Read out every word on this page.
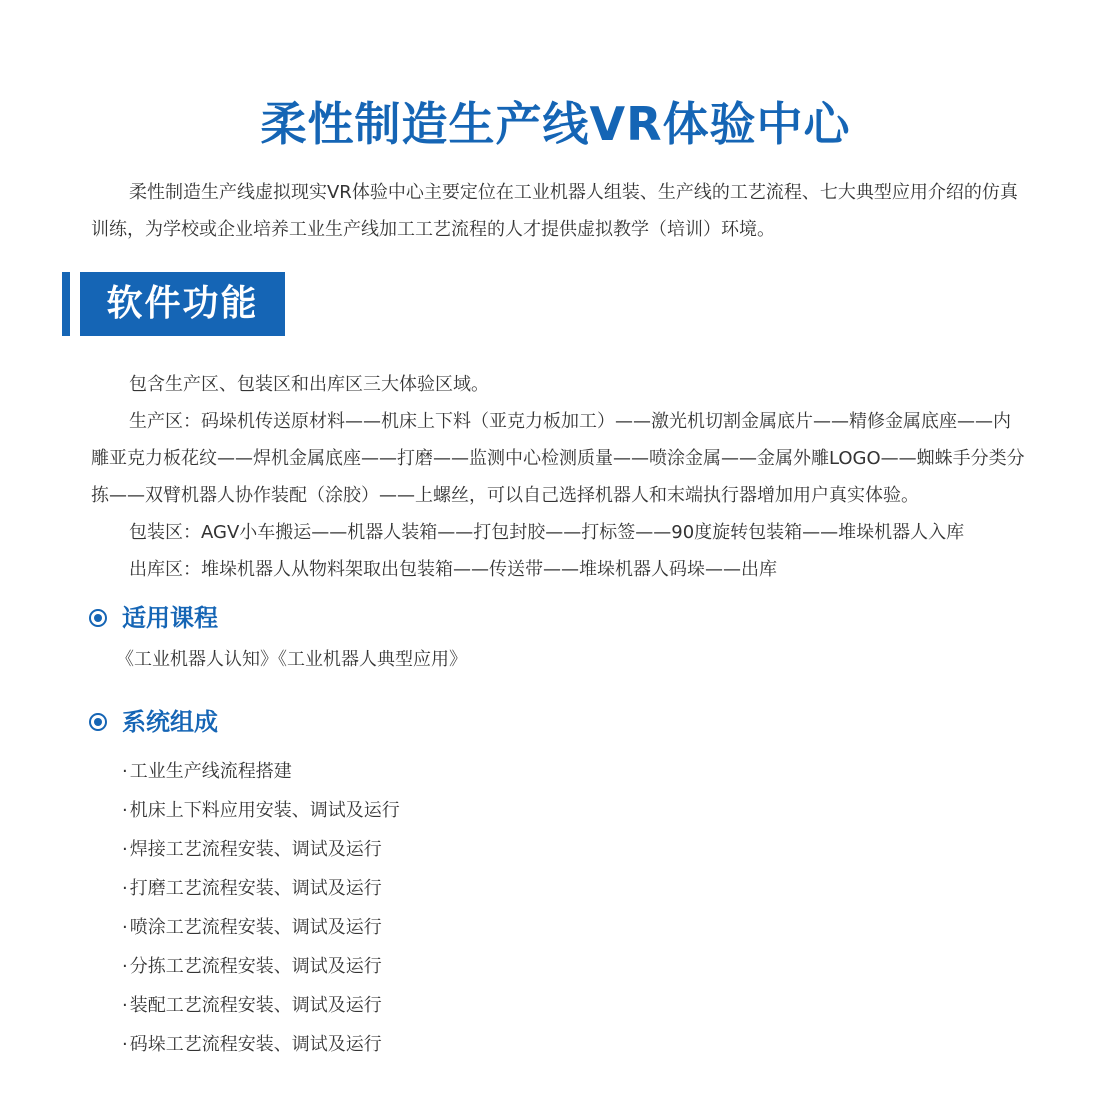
柔性制造生产线VR体验中心

柔性制造生产线虚拟现实VR体验中心主要定位在工业机器人组装、生产线的工艺流程、七大典型应用介绍的仿真训练，为学校或企业培养工业生产线加工工艺流程的人才提供虚拟教学（培训）环境。

软件功能

包含生产区、包装区和出库区三大体验区域。

生产区：码垛机传送原材料——机床上下料（亚克力板加工）——激光机切割金属底片——精修金属底座——内雕亚克力板花纹——焊机金属底座——打磨——监测中心检测质量——喷涂金属——金属外雕LOGO——蜘蛛手分类分拣——双臂机器人协作装配（涂胶）——上螺丝，可以自己选择机器人和末端执行器增加用户真实体验。

包装区：AGV小车搬运——机器人装箱——打包封胶——打标签——90度旋转包装箱——堆垛机器人入库

出库区：堆垛机器人从物料架取出包装箱——传送带——堆垛机器人码垛——出库

适用课程
《工业机器人认知》《工业机器人典型应用》
系统组成
· 工业生产线流程搭建
· 机床上下料应用安装、调试及运行
· 焊接工艺流程安装、调试及运行
· 打磨工艺流程安装、调试及运行
· 喷涂工艺流程安装、调试及运行
· 分拣工艺流程安装、调试及运行
· 装配工艺流程安装、调试及运行
· 码垛工艺流程安装、调试及运行
